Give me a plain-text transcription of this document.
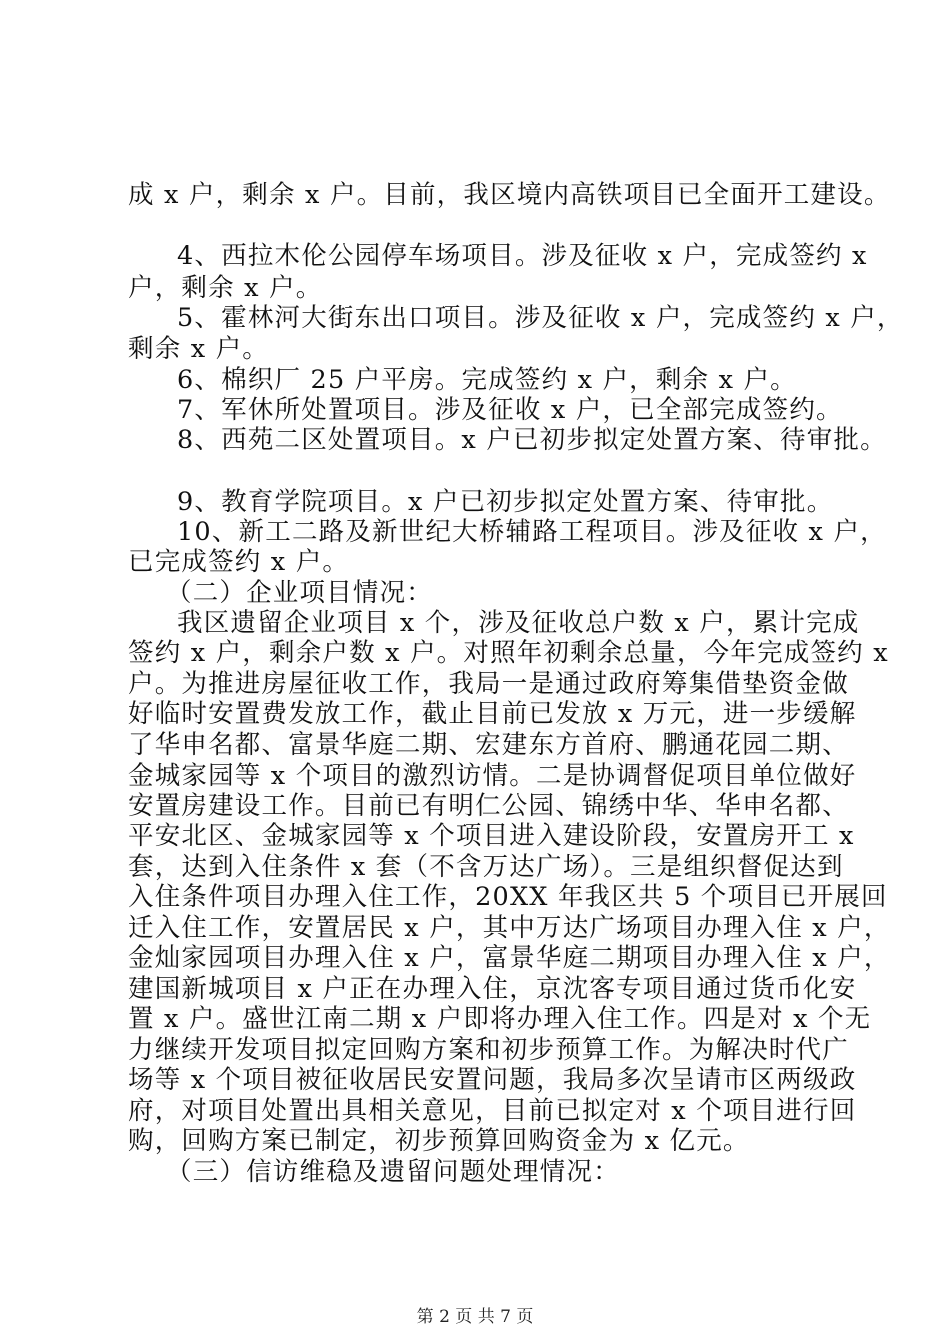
成 x 户，剩余 x 户。目前，我区境内高铁项目已全面开工建设。
4、西拉木伦公园停车场项目。涉及征收 x 户，完成签约 x
户，剩余 x 户。
5、霍林河大街东出口项目。涉及征收 x 户，完成签约 x 户，
剩余 x 户。
6、棉织厂 25 户平房。完成签约 x 户，剩余 x 户。
7、军休所处置项目。涉及征收 x 户，已全部完成签约。
8、西苑二区处置项目。x 户已初步拟定处置方案、待审批。
9、教育学院项目。x 户已初步拟定处置方案、待审批。
10、新工二路及新世纪大桥辅路工程项目。涉及征收 x 户，
已完成签约 x 户。
（二）企业项目情况：
我区遗留企业项目 x 个，涉及征收总户数 x 户，累计完成
签约 x 户，剩余户数 x 户。对照年初剩余总量，今年完成签约 x
户。为推进房屋征收工作，我局一是通过政府筹集借垫资金做
好临时安置费发放工作，截止目前已发放 x 万元，进一步缓解
了华申名都、富景华庭二期、宏建东方首府、鹏通花园二期、
金城家园等 x 个项目的激烈访情。二是协调督促项目单位做好
安置房建设工作。目前已有明仁公园、锦绣中华、华申名都、
平安北区、金城家园等 x 个项目进入建设阶段，安置房开工 x
套，达到入住条件 x 套（不含万达广场）。三是组织督促达到
入住条件项目办理入住工作，20XX 年我区共 5 个项目已开展回
迁入住工作，安置居民 x 户，其中万达广场项目办理入住 x 户，
金灿家园项目办理入住 x 户，富景华庭二期项目办理入住 x 户，
建国新城项目 x 户正在办理入住，京沈客专项目通过货币化安
置 x 户。盛世江南二期 x 户即将办理入住工作。四是对 x 个无
力继续开发项目拟定回购方案和初步预算工作。为解决时代广
场等 x 个项目被征收居民安置问题，我局多次呈请市区两级政
府，对项目处置出具相关意见，目前已拟定对 x 个项目进行回
购，回购方案已制定，初步预算回购资金为 x 亿元。
（三）信访维稳及遗留问题处理情况：
第 2 页 共 7 页
